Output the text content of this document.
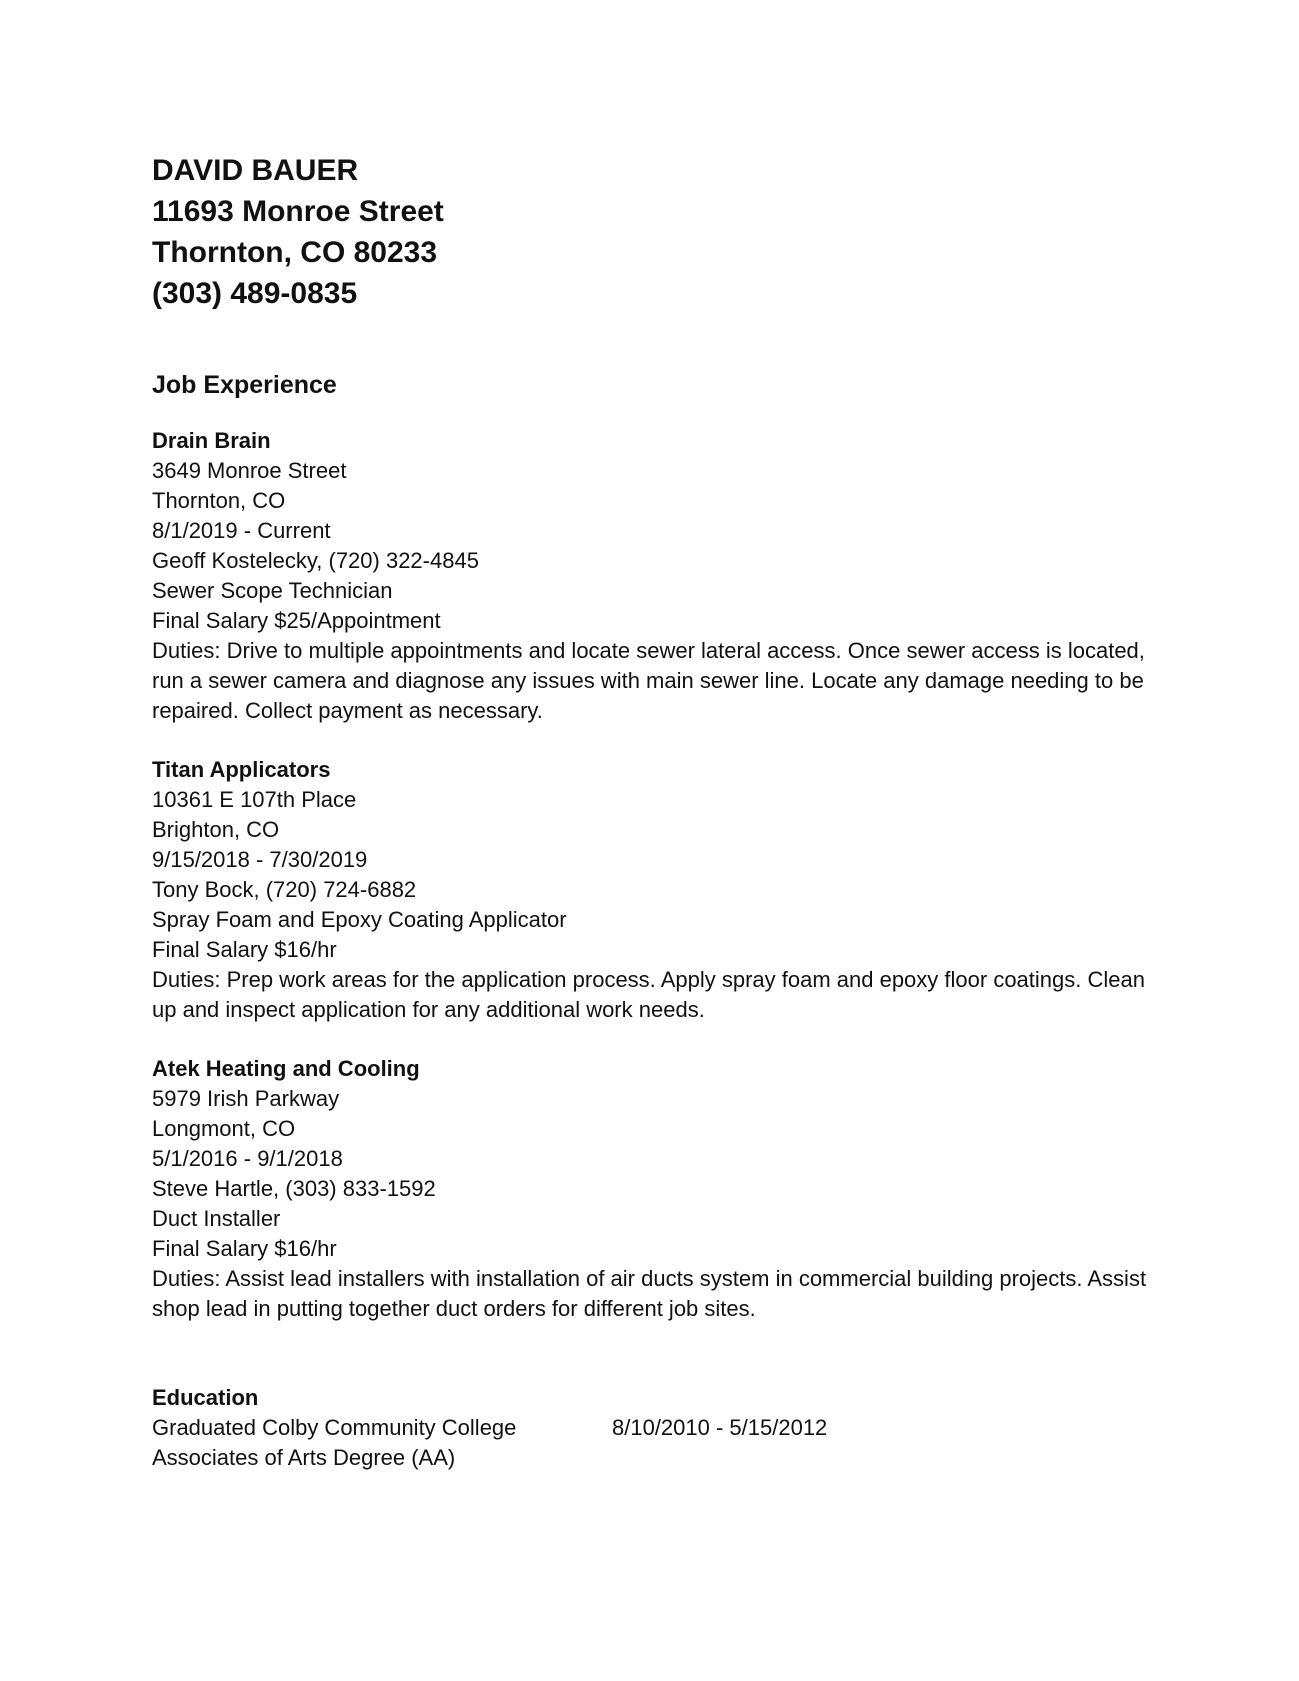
DAVID BAUER
11693 Monroe Street
Thornton, CO 80233
(303) 489-0835
Job Experience
Drain Brain
3649 Monroe Street
Thornton, CO
8/1/2019 - Current
Geoff Kostelecky, (720) 322-4845
Sewer Scope Technician
Final Salary $25/Appointment
Duties: Drive to multiple appointments and locate sewer lateral access. Once sewer access is located, run a sewer camera and diagnose any issues with main sewer line. Locate any damage needing to be repaired. Collect payment as necessary.
Titan Applicators
10361 E 107th Place
Brighton, CO
9/15/2018 - 7/30/2019
Tony Bock, (720) 724-6882
Spray Foam and Epoxy Coating Applicator
Final Salary $16/hr
Duties: Prep work areas for the application process. Apply spray foam and epoxy floor coatings. Clean up and inspect application for any additional work needs.
Atek Heating and Cooling
5979 Irish Parkway
Longmont, CO
5/1/2016 - 9/1/2018
Steve Hartle, (303) 833-1592
Duct Installer
Final Salary $16/hr
Duties: Assist lead installers with installation of air ducts system in commercial building projects. Assist shop lead in putting together duct orders for different job sites.
Education
Graduated Colby Community College	8/10/2010 - 5/15/2012
Associates of Arts Degree (AA)
